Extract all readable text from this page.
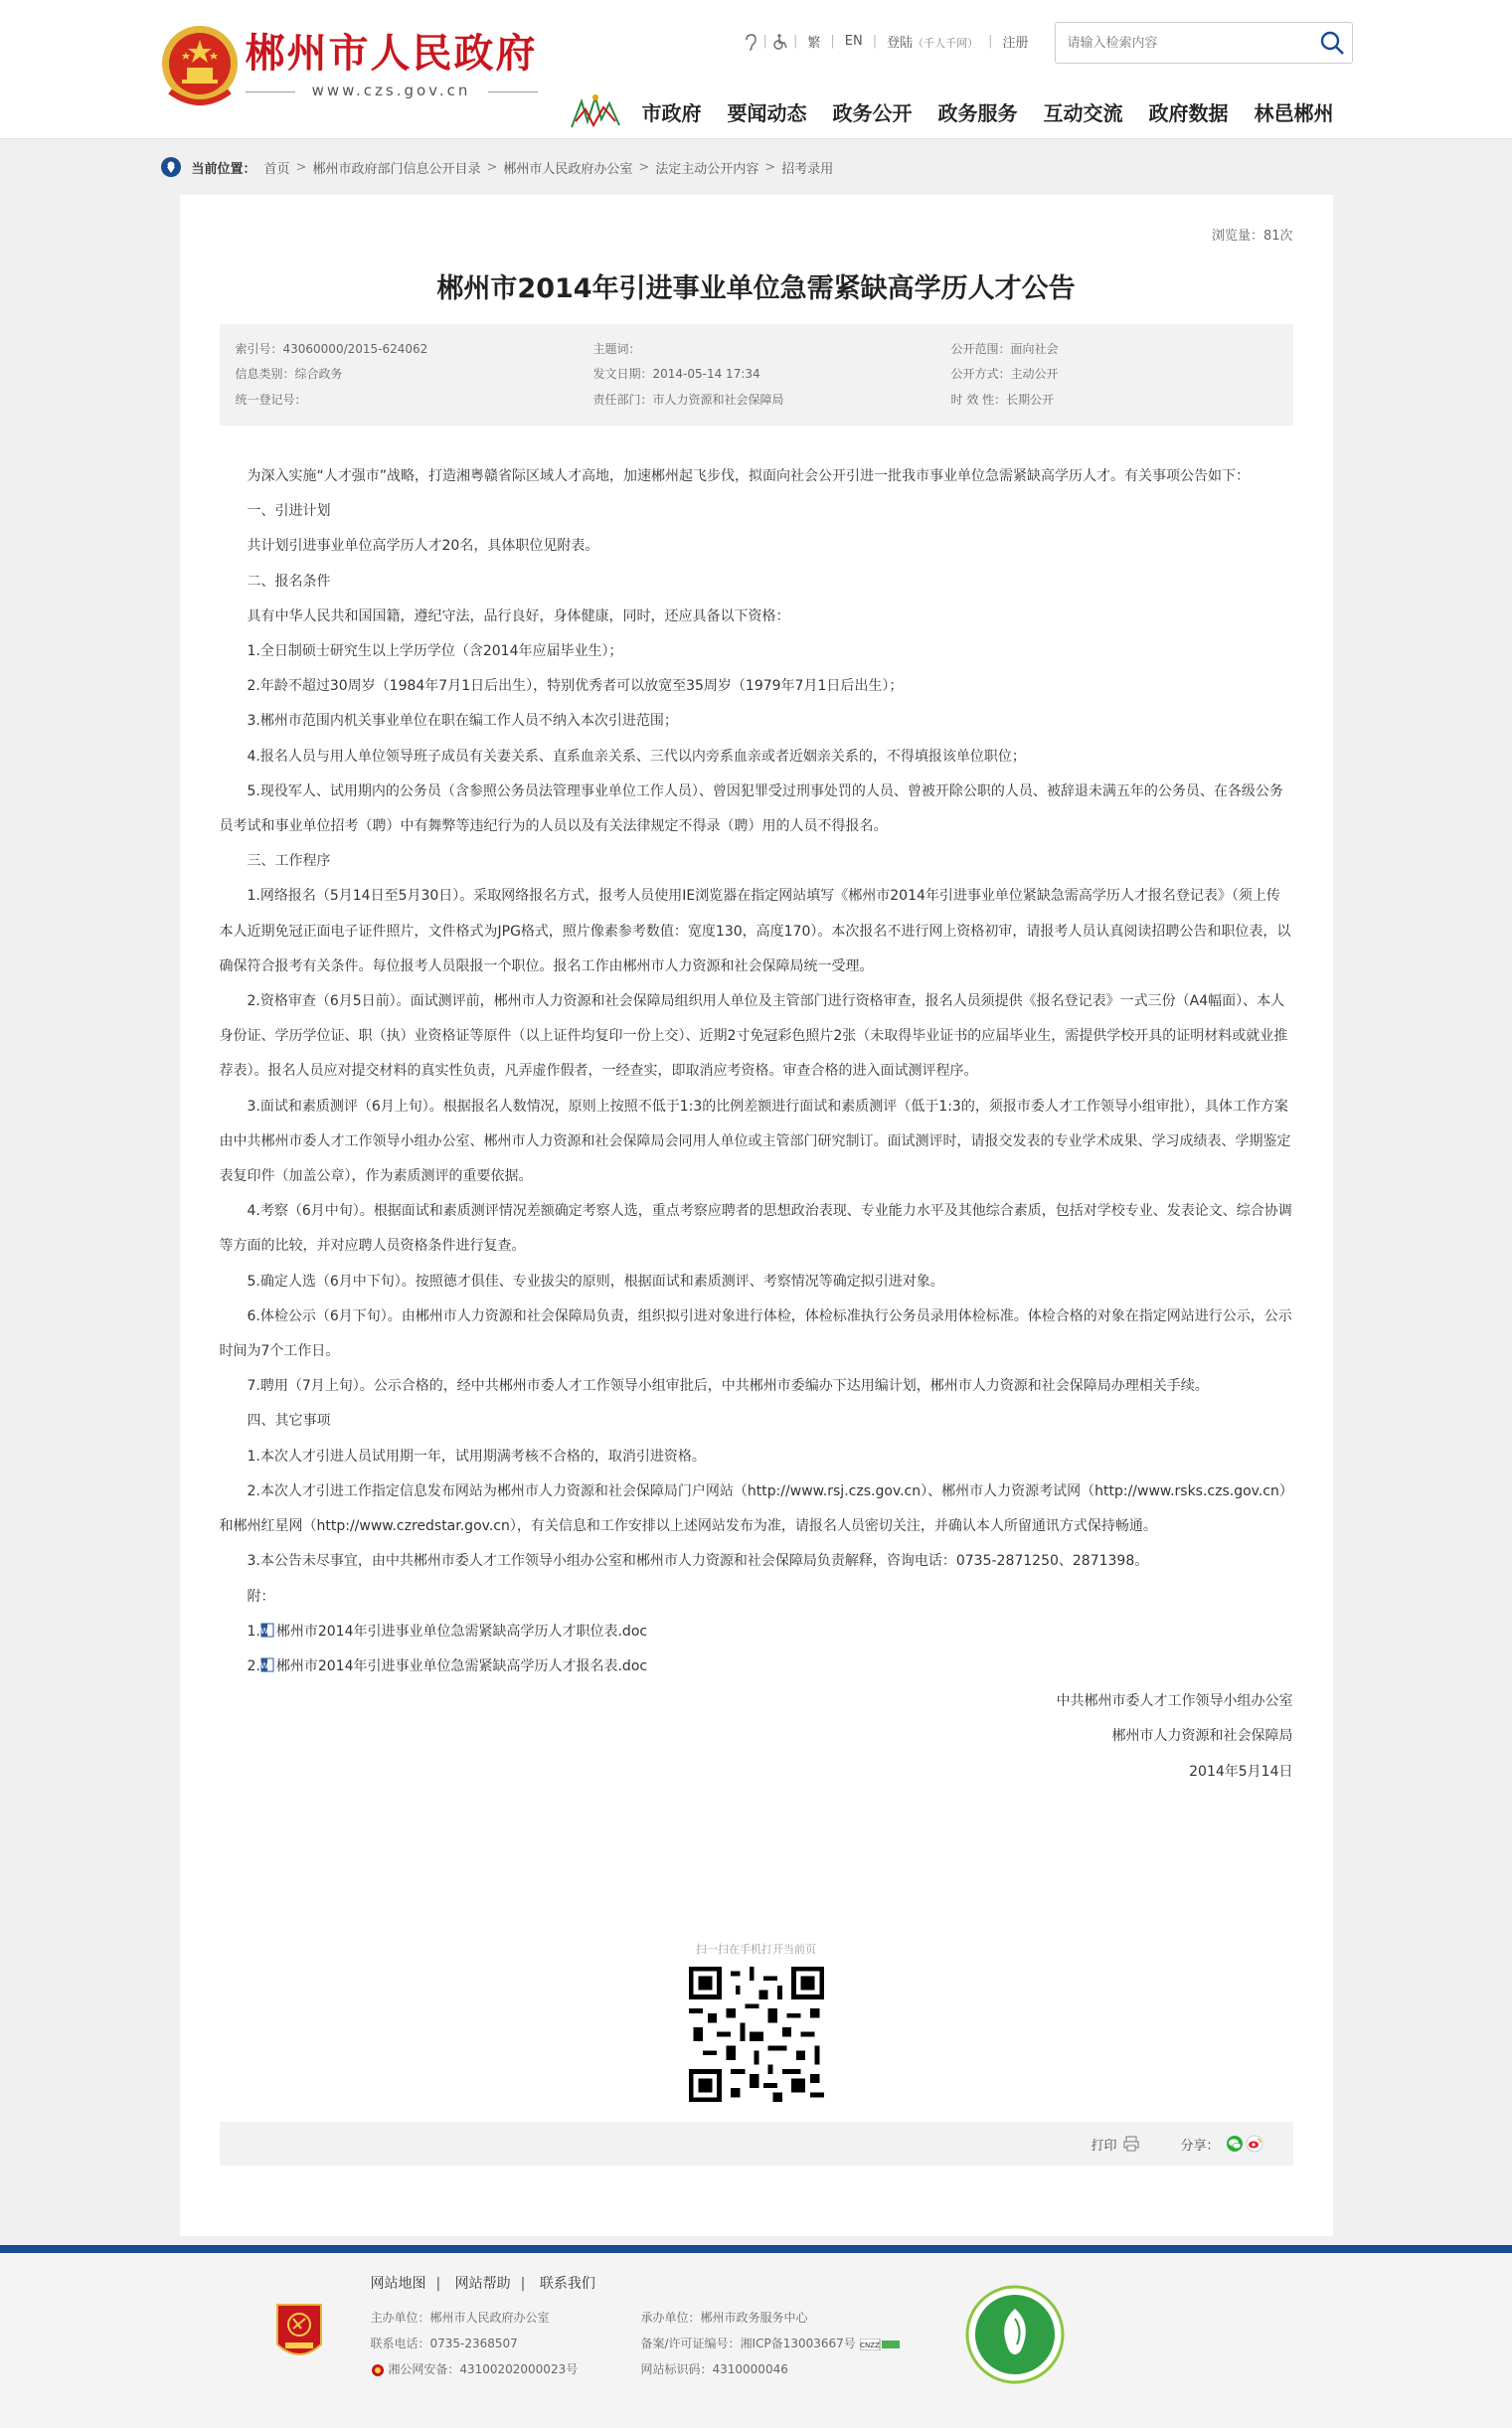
郴州市人民政府
www.czs.gov.cn
| | 繁 | EN | 登陆（千人千网） | 注册
请输入检索内容
市政府 要闻动态 政务公开 政务服务 互动交流 政府数据 林邑郴州
当前位置： 首页 > 郴州市政府部门信息公开目录 > 郴州市人民政府办公室 > 法定主动公开内容 > 招考录用
浏览量：81次
郴州市2014年引进事业单位急需紧缺高学历人才公告
索引号：43060000/2015-624062	主题词：	公开范围：面向社会
信息类别：综合政务	发文日期：2014-05-14 17:34	公开方式：主动公开
统一登记号：	责任部门：市人力资源和社会保障局	时 效 性：长期公开

为深入实施“人才强市”战略，打造湘粤赣省际区域人才高地，加速郴州起飞步伐，拟面向社会公开引进一批我市事业单位急需紧缺高学历人才。有关事项公告如下：

一、引进计划

共计划引进事业单位高学历人才20名，具体职位见附表。

二、报名条件

具有中华人民共和国国籍，遵纪守法，品行良好，身体健康，同时，还应具备以下资格：

1.全日制硕士研究生以上学历学位（含2014年应届毕业生）；

2.年龄不超过30周岁（1984年7月1日后出生），特别优秀者可以放宽至35周岁（1979年7月1日后出生）；

3.郴州市范围内机关事业单位在职在编工作人员不纳入本次引进范围；

4.报名人员与用人单位领导班子成员有关妻关系、直系血亲关系、三代以内旁系血亲或者近姻亲关系的，不得填报该单位职位；

5.现役军人、试用期内的公务员（含参照公务员法管理事业单位工作人员）、曾因犯罪受过刑事处罚的人员、曾被开除公职的人员、被辞退未满五年的公务员、在各级公务员考试和事业单位招考（聘）中有舞弊等违纪行为的人员以及有关法律规定不得录（聘）用的人员不得报名。

三、工作程序

1.网络报名（5月14日至5月30日）。采取网络报名方式，报考人员使用IE浏览器在指定网站填写《郴州市2014年引进事业单位紧缺急需高学历人才报名登记表》（须上传本人近期免冠正面电子证件照片，文件格式为JPG格式，照片像素参考数值：宽度130，高度170）。本次报名不进行网上资格初审，请报考人员认真阅读招聘公告和职位表，以确保符合报考有关条件。每位报考人员限报一个职位。报名工作由郴州市人力资源和社会保障局统一受理。

2.资格审查（6月5日前）。面试测评前，郴州市人力资源和社会保障局组织用人单位及主管部门进行资格审查，报名人员须提供《报名登记表》一式三份（A4幅面）、本人身份证、学历学位证、职（执）业资格证等原件（以上证件均复印一份上交）、近期2寸免冠彩色照片2张（未取得毕业证书的应届毕业生，需提供学校开具的证明材料或就业推荐表）。报名人员应对提交材料的真实性负责，凡弄虚作假者，一经查实，即取消应考资格。审查合格的进入面试测评程序。

3.面试和素质测评（6月上旬）。根据报名人数情况，原则上按照不低于1:3的比例差额进行面试和素质测评（低于1:3的，须报市委人才工作领导小组审批），具体工作方案由中共郴州市委人才工作领导小组办公室、郴州市人力资源和社会保障局会同用人单位或主管部门研究制订。面试测评时，请报交发表的专业学术成果、学习成绩表、学期鉴定表复印件（加盖公章），作为素质测评的重要依据。

4.考察（6月中旬）。根据面试和素质测评情况差额确定考察人选，重点考察应聘者的思想政治表现、专业能力水平及其他综合素质，包括对学校专业、发表论文、综合协调等方面的比较，并对应聘人员资格条件进行复查。

5.确定人选（6月中下旬）。按照德才俱佳、专业拔尖的原则，根据面试和素质测评、考察情况等确定拟引进对象。

6.体检公示（6月下旬）。由郴州市人力资源和社会保障局负责，组织拟引进对象进行体检，体检标准执行公务员录用体检标准。体检合格的对象在指定网站进行公示，公示时间为7个工作日。

7.聘用（7月上旬）。公示合格的，经中共郴州市委人才工作领导小组审批后，中共郴州市委编办下达用编计划，郴州市人力资源和社会保障局办理相关手续。

四、其它事项

1.本次人才引进人员试用期一年，试用期满考核不合格的，取消引进资格。

2.本次人才引进工作指定信息发布网站为郴州市人力资源和社会保障局门户网站（http://www.rsj.czs.gov.cn）、郴州市人力资源考试网（http://www.rsks.czs.gov.cn）和郴州红星网（http://www.czredstar.gov.cn），有关信息和工作安排以上述网站发布为准，请报名人员密切关注，并确认本人所留通讯方式保持畅通。

3.本公告未尽事宜，由中共郴州市委人才工作领导小组办公室和郴州市人力资源和社会保障局负责解释，咨询电话：0735-2871250、2871398。

附：

1. W 郴州市2014年引进事业单位急需紧缺高学历人才职位表.doc

2. W 郴州市2014年引进事业单位急需紧缺高学历人才报名表.doc

中共郴州市委人才工作领导小组办公室

郴州市人力资源和社会保障局

2014年5月14日

扫一扫在手机打开当前页
打印	分享：
网站地图 | 网站帮助 | 联系我们
主办单位：郴州市人民政府办公室	承办单位：郴州市政务服务中心
联系电话：0735-2368507	备案/许可证编号：湘ICP备13003667号 CNZZ
湘公网安备：43100202000023号	网站标识码：4310000046
